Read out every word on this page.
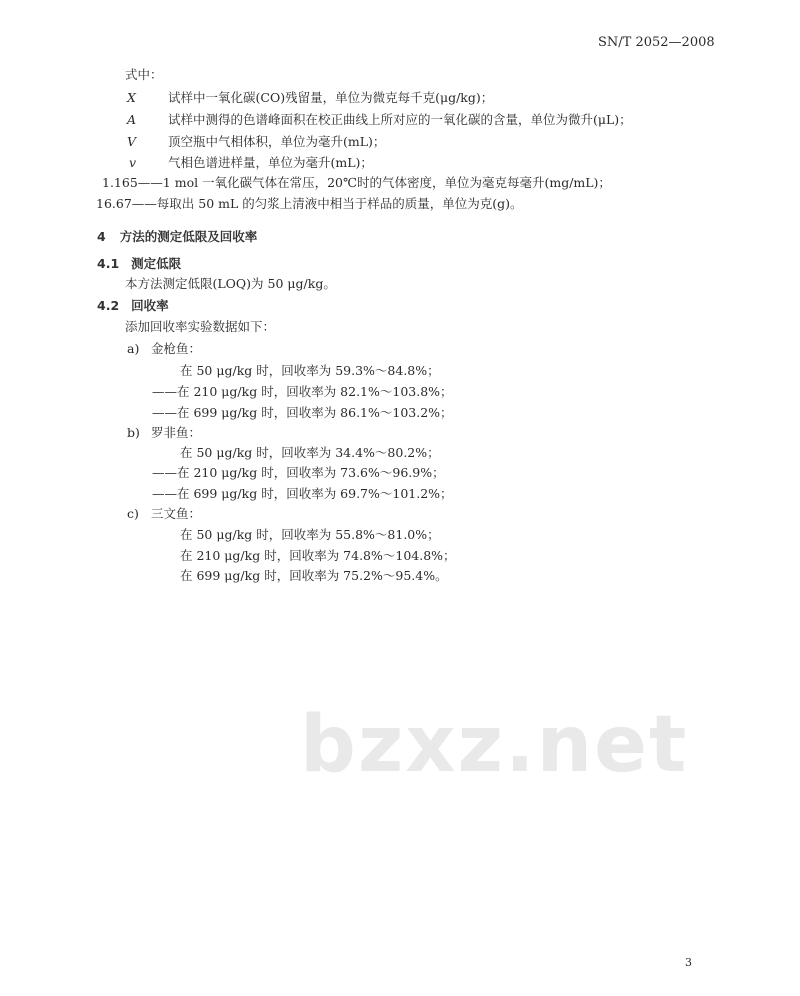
bzxz.net
SN/T 2052—2008
式中：
X	试样中一氧化碳(CO)残留量，单位为微克每千克(μg/kg)；
A	试样中测得的色谱峰面积在校正曲线上所对应的一氧化碳的含量，单位为微升(μL)；
V	顶空瓶中气相体积，单位为毫升(mL)；
v	气相色谱进样量，单位为毫升(mL)；
1.165——1 mol 一氧化碳气体在常压，20℃时的气体密度，单位为毫克每毫升(mg/mL)；
16.67——每取出 50 mL 的匀浆上清液中相当于样品的质量，单位为克(g)。
4 方法的测定低限及回收率
4.1 测定低限
本方法测定低限(LOQ)为 50 μg/kg。
4.2 回收率
添加回收率实验数据如下：
a) 金枪鱼：
在 50 μg/kg 时，回收率为 59.3%～84.8%；
——在 210 μg/kg 时，回收率为 82.1%～103.8%；
——在 699 μg/kg 时，回收率为 86.1%～103.2%；
b) 罗非鱼：
在 50 μg/kg 时，回收率为 34.4%～80.2%；
——在 210 μg/kg 时，回收率为 73.6%～96.9%；
——在 699 μg/kg 时，回收率为 69.7%～101.2%；
c) 三文鱼：
在 50 μg/kg 时，回收率为 55.8%～81.0%；
在 210 μg/kg 时，回收率为 74.8%～104.8%；
在 699 μg/kg 时，回收率为 75.2%～95.4%。
3
